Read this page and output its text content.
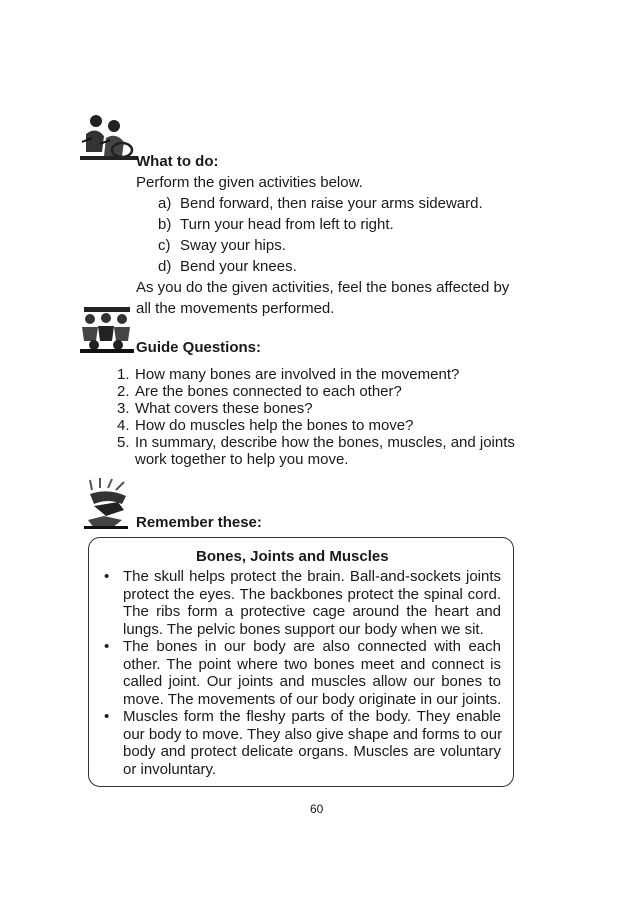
What to do:
Perform the given activities below.
a) Bend forward, then raise your arms sideward.
b) Turn your head from left to right.
c) Sway your hips.
d) Bend your knees.
As you do the given activities, feel the bones affected by
all the movements performed.
Guide Questions:
1. How many bones are involved in the movement?
2. Are the bones connected to each other?
3. What covers these bones?
4. How do muscles help the bones to move?
5. In summary, describe how the bones, muscles, and joints
work together to help you move.
Remember these:
Bones, Joints and Muscles
• The skull helps protect the brain. Ball-and-sockets joints
protect the eyes. The backbones protect the spinal cord.
The ribs form a protective cage around the heart and
lungs. The pelvic bones support our body when we sit.
• The bones in our body are also connected with each
other. The point where two bones meet and connect is
called joint. Our joints and muscles allow our bones to
move. The movements of our body originate in our joints.
• Muscles form the fleshy parts of the body. They enable
our body to move. They also give shape and forms to our
body and protect delicate organs. Muscles are voluntary
or involuntary.
60
